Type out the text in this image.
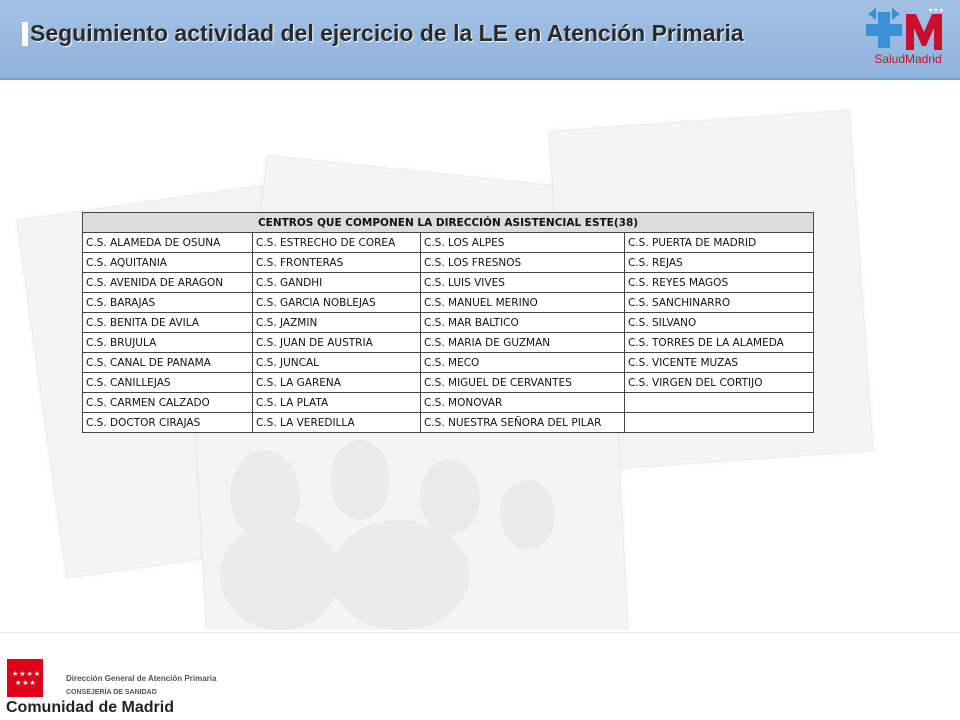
Seguimiento actividad del ejercicio de la LE en Atención Primaria
★★★
SaludMadrid
CENTROS QUE COMPONEN LA DIRECCIÓN ASISTENCIAL ESTE(38)			
C.S. ALAMEDA DE OSUNA	C.S. ESTRECHO DE COREA	C.S. LOS ALPES	C.S. PUERTA DE MADRID
C.S. AQUITANIA	C.S. FRONTERAS	C.S. LOS FRESNOS	C.S. REJAS
C.S. AVENIDA DE ARAGON	C.S. GANDHI	C.S. LUIS VIVES	C.S. REYES MAGOS
C.S. BARAJAS	C.S. GARCIA NOBLEJAS	C.S. MANUEL MERINO	C.S. SANCHINARRO
C.S. BENITA DE AVILA	C.S. JAZMIN	C.S. MAR BALTICO	C.S. SILVANO
C.S. BRUJULA	C.S. JUAN DE AUSTRIA	C.S. MARIA DE GUZMAN	C.S. TORRES DE LA ALAMEDA
C.S. CANAL DE PANAMA	C.S. JUNCAL	C.S. MECO	C.S. VICENTE MUZAS
C.S. CANILLEJAS	C.S. LA GARENA	C.S. MIGUEL DE CERVANTES	C.S. VIRGEN DEL CORTIJO
C.S. CARMEN CALZADO	C.S. LA PLATA	C.S. MONOVAR	
C.S. DOCTOR CIRAJAS	C.S. LA VEREDILLA	C.S. NUESTRA SEÑORA DEL PILAR	
★★★★
★★★	Dirección General de Atención Primaria
CONSEJERÍA DE SANIDAD
Comunidad de Madrid
